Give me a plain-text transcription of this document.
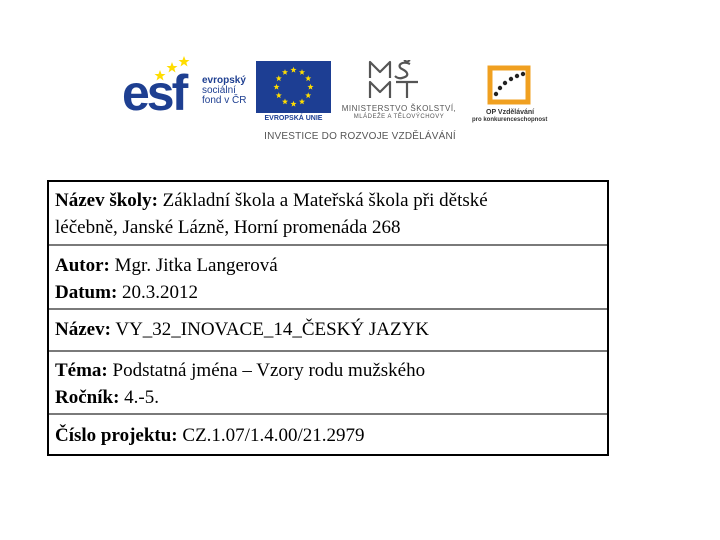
esf evropský
sociální
fond v ČR
EVROPSKÁ UNIE
MINISTERSTVO ŠKOLSTVÍ,
MLÁDEŽE A TĚLOVÝCHOVY
OP Vzdělávání
pro konkurenceschopnost
INVESTICE DO ROZVOJE VZDĚLÁVÁNÍ
Název školy: Základní škola a Mateřská škola při dětské
léčebně, Janské Lázně, Horní promenáda 268
Autor: Mgr. Jitka Langerová
Datum: 20.3.2012
Název: VY_32_INOVACE_14_ČESKÝ JAZYK
Téma: Podstatná jména – Vzory rodu mužského
Ročník: 4.-5.
Číslo projektu: CZ.1.07/1.4.00/21.2979
